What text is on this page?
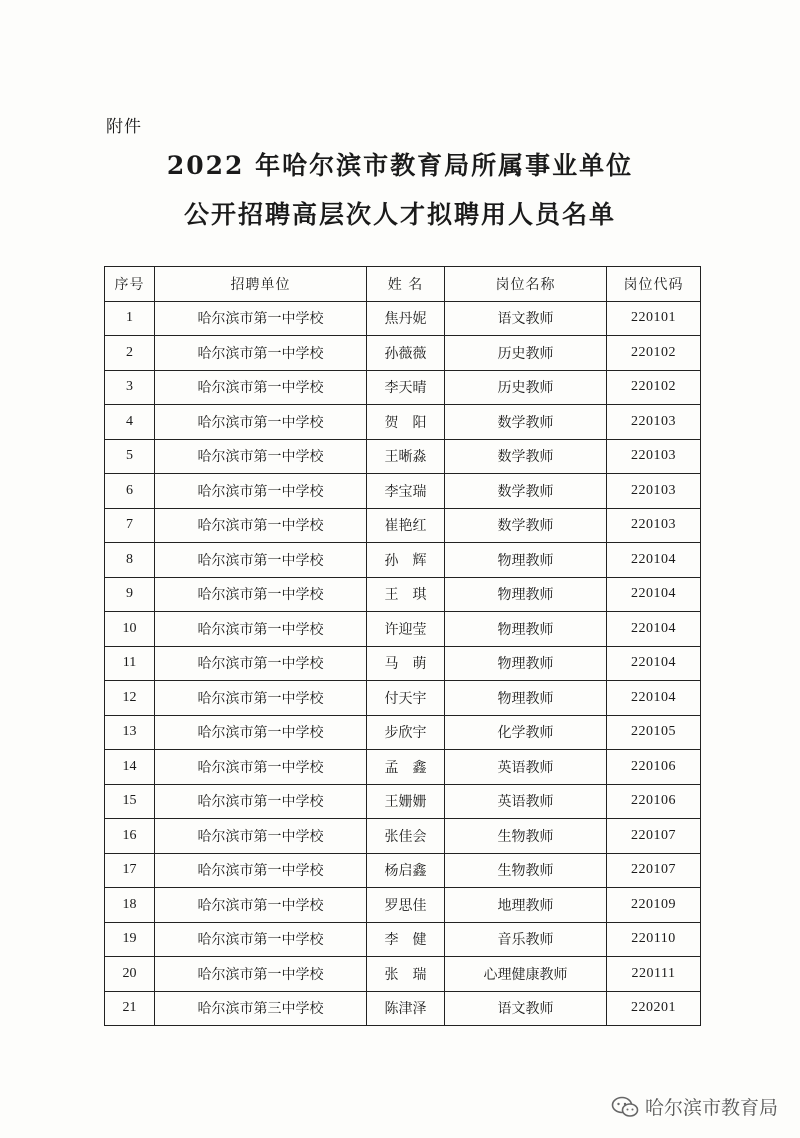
附件
2022 年哈尔滨市教育局所属事业单位
公开招聘高层次人才拟聘用人员名单
序号	招聘单位	姓 名	岗位名称	岗位代码
1	哈尔滨市第一中学校	焦丹妮	语文教师	220101
2	哈尔滨市第一中学校	孙薇薇	历史教师	220102
3	哈尔滨市第一中学校	李天晴	历史教师	220102
4	哈尔滨市第一中学校	贺　阳	数学教师	220103
5	哈尔滨市第一中学校	王晰淼	数学教师	220103
6	哈尔滨市第一中学校	李宝瑞	数学教师	220103
7	哈尔滨市第一中学校	崔艳红	数学教师	220103
8	哈尔滨市第一中学校	孙　辉	物理教师	220104
9	哈尔滨市第一中学校	王　琪	物理教师	220104
10	哈尔滨市第一中学校	许迎莹	物理教师	220104
11	哈尔滨市第一中学校	马　萌	物理教师	220104
12	哈尔滨市第一中学校	付天宇	物理教师	220104
13	哈尔滨市第一中学校	步欣宇	化学教师	220105
14	哈尔滨市第一中学校	孟　鑫	英语教师	220106
15	哈尔滨市第一中学校	王姗姗	英语教师	220106
16	哈尔滨市第一中学校	张佳会	生物教师	220107
17	哈尔滨市第一中学校	杨启鑫	生物教师	220107
18	哈尔滨市第一中学校	罗思佳	地理教师	220109
19	哈尔滨市第一中学校	李　健	音乐教师	220110
20	哈尔滨市第一中学校	张　瑞	心理健康教师	220111
21	哈尔滨市第三中学校	陈津泽	语文教师	220201
哈尔滨市教育局
